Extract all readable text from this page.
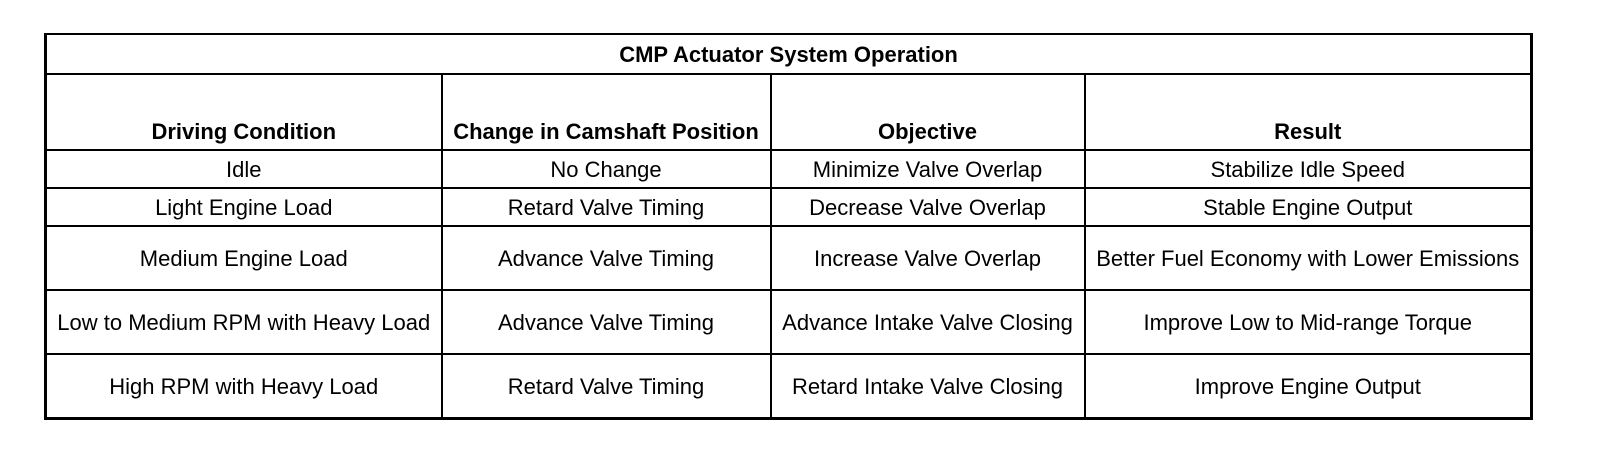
CMP Actuator System Operation			
Driving Condition	Change in Camshaft Position	Objective	Result
Idle	No Change	Minimize Valve Overlap	Stabilize Idle Speed
Light Engine Load	Retard Valve Timing	Decrease Valve Overlap	Stable Engine Output
Medium Engine Load	Advance Valve Timing	Increase Valve Overlap	Better Fuel Economy with Lower Emissions
Low to Medium RPM with Heavy Load	Advance Valve Timing	Advance Intake Valve Closing	Improve Low to Mid-range Torque
High RPM with Heavy Load	Retard Valve Timing	Retard Intake Valve Closing	Improve Engine Output
